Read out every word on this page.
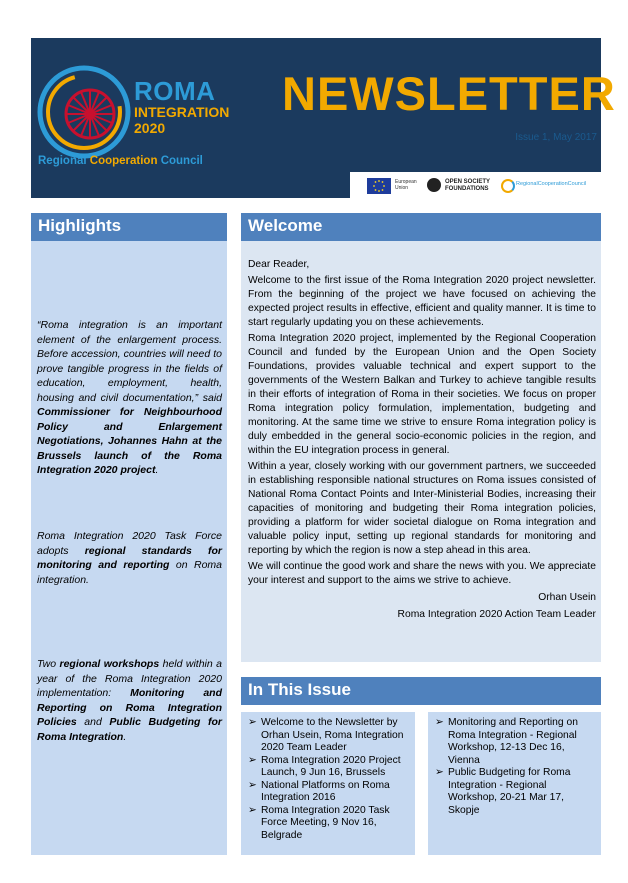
ROMA
INTEGRATION
2020
Regional Cooperation Council
NEWSLETTER
Issue 1, May 2017
European
Union
OPEN SOCIETY
FOUNDATIONS
RegionalCooperationCouncil
Highlights
“Roma integration is an important element of the enlargement process. Before accession, countries will need to prove tangible progress in the fields of education, employment, health, housing and civil documentation,” said Commissioner for Neighbourhood Policy and Enlargement Negotiations, Johannes Hahn at the Brussels launch of the Roma Integration 2020 project.
Roma Integration 2020 Task Force adopts regional standards for monitoring and reporting on Roma integration.
Two regional workshops held within a year of the Roma Integration 2020 implementation: Monitoring and Reporting on Roma Integration Policies and Public Budgeting for Roma Integration.
Welcome

Dear Reader,

Welcome to the first issue of the Roma Integration 2020 project newsletter. From the beginning of the project we have focused on achieving the expected project results in effective, efficient and quality manner. It is time to start regularly updating you on these achievements.

Roma Integration 2020 project, implemented by the Regional Cooperation Council and funded by the European Union and the Open Society Foundations, provides valuable technical and expert support to the governments of the Western Balkan and Turkey to achieve tangible results in their efforts of integration of Roma in their societies. We focus on proper Roma integration policy formulation, implementation, budgeting and monitoring. At the same time we strive to ensure Roma integration policy is duly embedded in the general socio-economic policies in the region, and within the EU integration process in general.

Within a year, closely working with our government partners, we succeeded in establishing responsible national structures on Roma issues consisted of National Roma Contact Points and Inter-Ministerial Bodies, increasing their capacities of monitoring and budgeting their Roma integration policies, providing a platform for wider societal dialogue on Roma integration and valuable policy input, setting up regional standards for monitoring and reporting by which the region is now a step ahead in this area.

We will continue the good work and share the news with you. We appreciate your interest and support to the aims we strive to achieve.

Orhan Usein

Roma Integration 2020 Action Team Leader

In This Issue
➢ Welcome to the Newsletter by Orhan Usein, Roma Integration 2020 Team Leader
➢ Roma Integration 2020 Project Launch, 9 Jun 16, Brussels
➢ National Platforms on Roma Integration 2016
➢ Roma Integration 2020 Task Force Meeting, 9 Nov 16, Belgrade
➢ Monitoring and Reporting on Roma Integration - Regional Workshop, 12-13 Dec 16, Vienna
➢ Public Budgeting for Roma Integration - Regional Workshop, 20-21 Mar 17, Skopje
